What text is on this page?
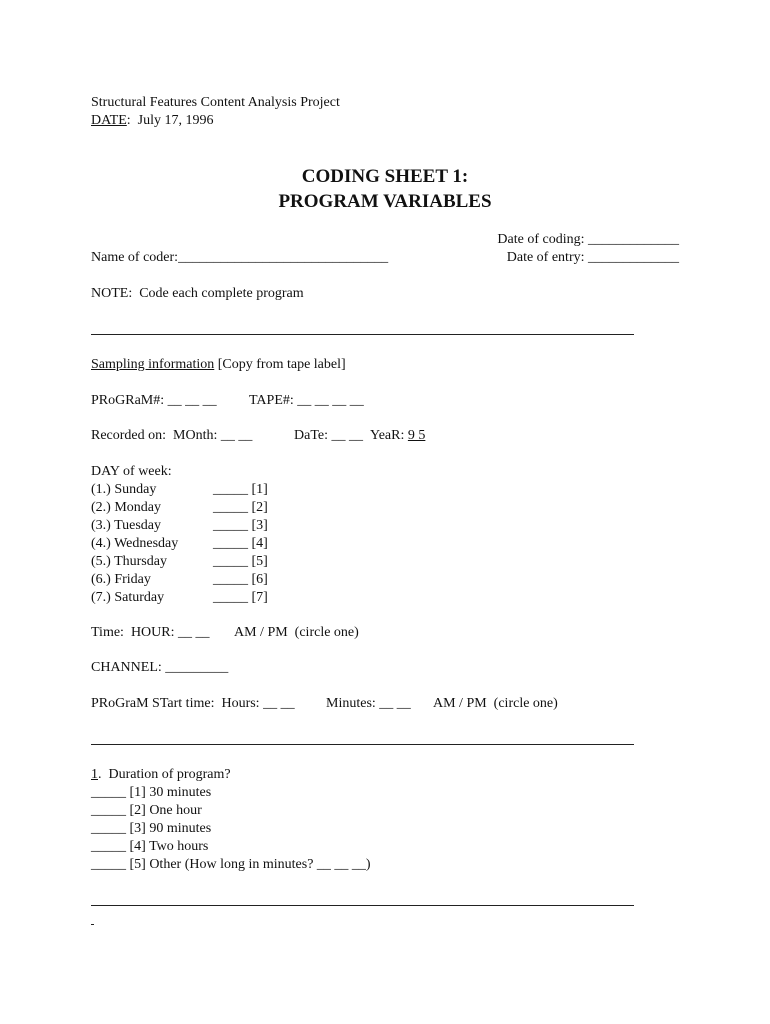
Structural Features Content Analysis Project
DATE:  July 17, 1996
CODING SHEET 1:
PROGRAM VARIABLES
Date of coding: _____________
Date of entry: _____________
Name of coder:______________________________
NOTE:  Code each complete program
Sampling information [Copy from tape label]
PRoGRaM#: __ __ __ TAPE#: __ __ __ __
Recorded on:  MOnth: __ __	DaTe: __ __ YeaR: 9 5
DAY of week:
(1.) Sunday	_____ [1]
(2.) Monday	_____ [2]
(3.) Tuesday	_____ [3]
(4.) Wednesday _____ [4]
(5.) Thursday	_____ [5]
(6.) Friday	_____ [6]
(7.) Saturday	_____ [7]
Time:  HOUR: __ __ AM / PM  (circle one)
CHANNEL: _________
PRoGraM STart time:  Hours: __ __ Minutes: __ __ AM / PM  (circle one)
1.  Duration of program?
_____ [1] 30 minutes
_____ [2] One hour
_____ [3] 90 minutes
_____ [4] Two hours
_____ [5] Other (How long in minutes? __ __ __)
